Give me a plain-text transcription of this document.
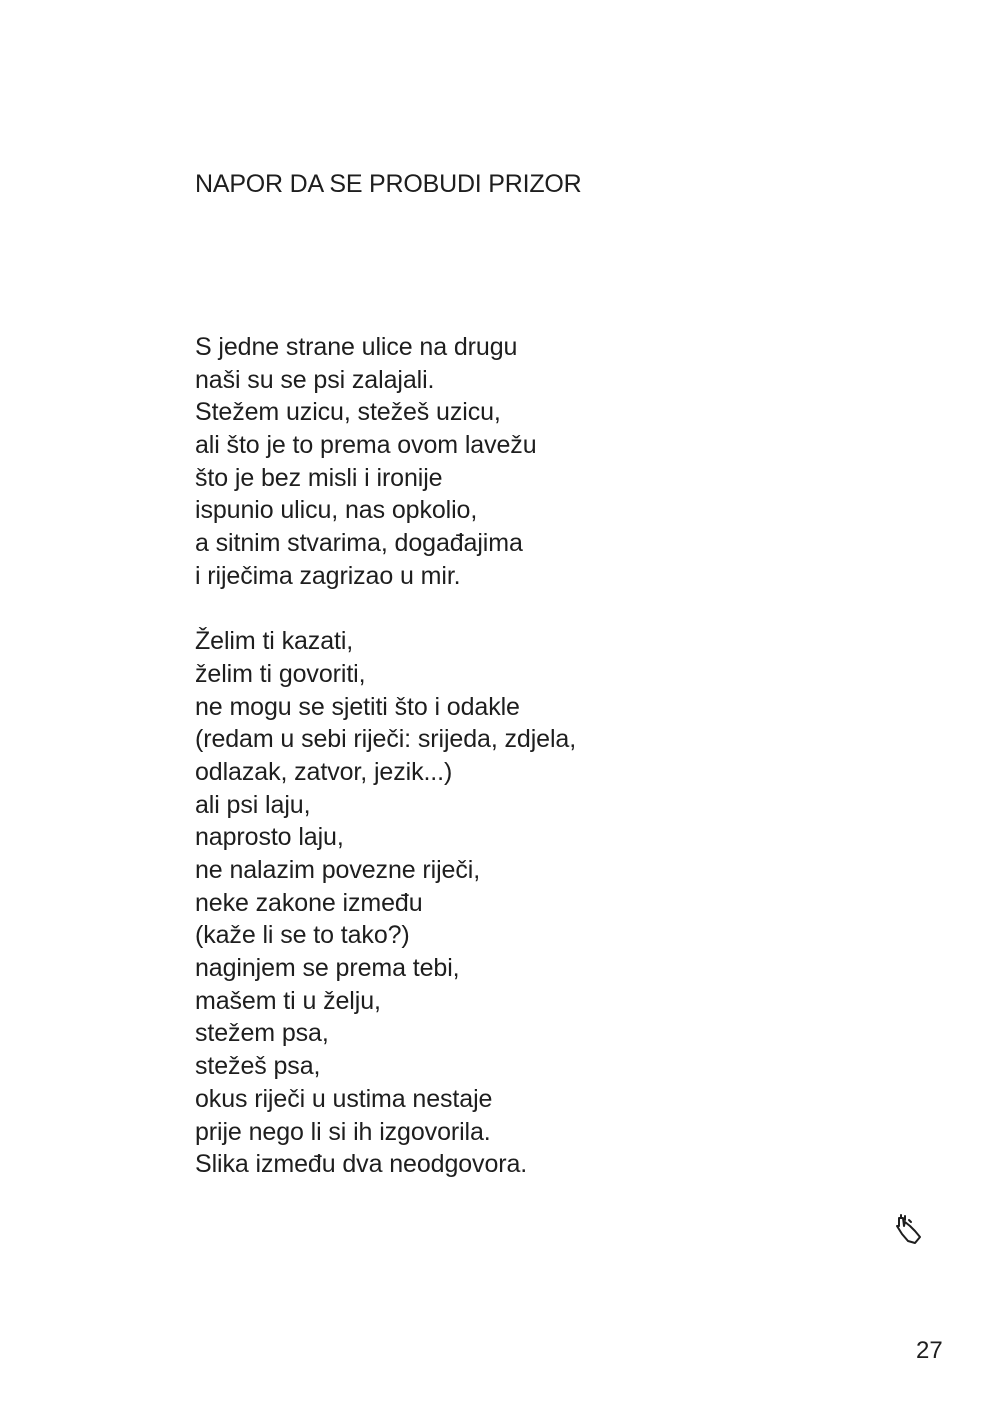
NAPOR DA SE PROBUDI PRIZOR

S jedne strane ulice na drugu
naši su se psi zalajali.
Stežem uzicu, stežeš uzicu,
ali što je to prema ovom lavežu
što je bez misli i ironije
ispunio ulicu, nas opkolio,
a sitnim stvarima, događajima
i riječima zagrizao u mir.

Želim ti kazati,
želim ti govoriti,
ne mogu se sjetiti što i odakle
(redam u sebi riječi: srijeda, zdjela,
odlazak, zatvor, jezik...)
ali psi laju,
naprosto laju,
ne nalazim povezne riječi,
neke zakone između
(kaže li se to tako?)
naginjem se prema tebi,
mašem ti u želju,
stežem psa,
stežeš psa,
okus riječi u ustima nestaje
prije nego li si ih izgovorila.
Slika između dva neodgovora.

27
